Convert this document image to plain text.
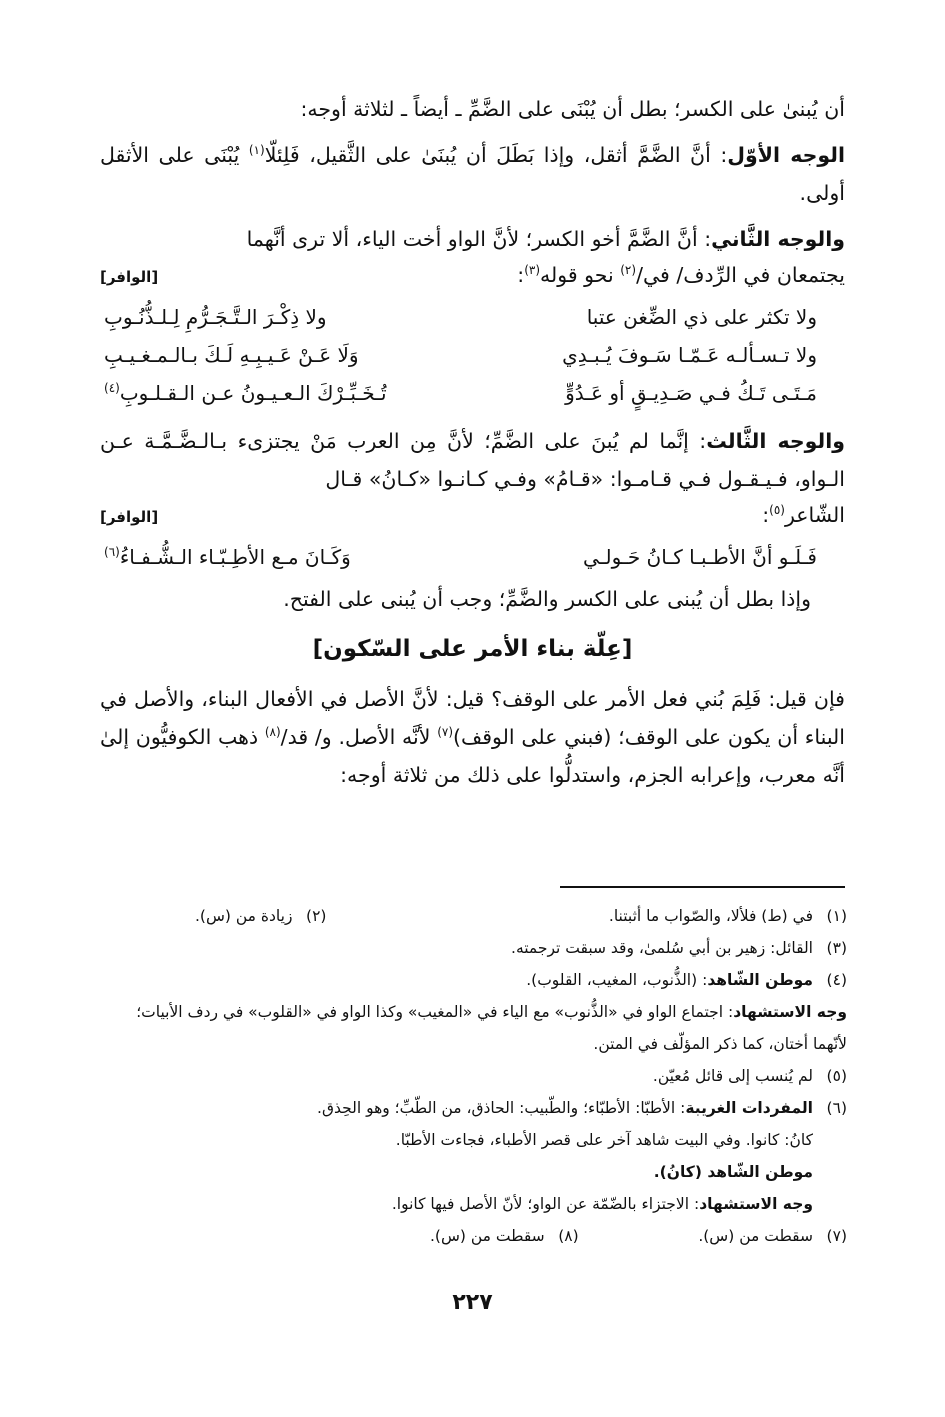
أن يُبنىٰ على الكسر؛ بطل أن يُبْنَى على الضَّمِّ ـ أيضاً ـ لثلاثة أوجه:

الوجه الأوّل: أنَّ الضَّمَّ أثقل، وإذا بَطَلَ أن يُبنَىٰ على الثَّقيل، فَلِئلّا$^{(١)}$ يُبْنَى على الأثقل أولى.

والوجه الثَّاني: أنَّ الضَّمَّ أخو الكسر؛ لأنَّ الواو أخت الياء، ألا ترى أنَّهما

يجتمعان في الرِّدف/ في/$^{(٢)}$ نحو قوله$^{(٣)}$:
[الوافر]
ولا تكثر على ذي الضِّغن عتبا
ولا ذِكْـرَ الـتَّـجَـرُّمِ لِـلـذُّنُـوبِ
ولا تـسـألـه عَـمّـا سَـوفَ يُـبـدِي
وَلَا عَـنْ عَـيـبِـهِ لَـكَ بـالـمـغـيـبِ
مَـتَـى تَـكُ فـي صَـدِيـقٍ أو عَـدُوٍّ
تُـخَـبِّـرْكَ الـعـيـونُ عـن الـقـلـوبِ(٤)

والوجه الثَّالث: إنَّما لم يُبنَ على الضَّمِّ؛ لأنَّ مِن العرب مَنْ يجتزىء بـالـضَّـمَّـة عـن الـواو، فـيـقـول فـي قـامـوا: «قـامُ» وفـي كـانـوا «كـانُ» قـال

الشّاعر$^{(٥)}$:
[الوافر]
فَـلَـو أنَّ الأطـبـا كـانُ حَـولـي
وَكَـانَ مـع الأطِـبّـاء الـشُّـفـاءُ(٦)

وإذا بطل أن يُبنى على الكسر والضَّمِّ؛ وجب أن يُبنى على الفتح.

[عِلّة بناء الأمر على السّكون]

فإن قيل: فَلِمَ بُني فعل الأمر على الوقف؟ قيل: لأنَّ الأصل في الأفعال البناء، والأصل في البناء أن يكون على الوقف؛ (فبني على الوقف)$^{(٧)}$ لأنَّه الأصل. و/ قد/$^{(٨)}$ ذهب الكوفيُّون إلىٰ أنَّه معرب، وإعرابه الجزم، واستدلُّوا على ذلك من ثلاثة أوجه:

(١)
في (ط) فلألا، والصّواب ما أثبتنا.
(٢)
زيادة من (س).
(٣)
القائل: زهير بن أبي سُلمىٰ، وقد سبقت ترجمته.
(٤)
موطن الشّاهد: (الذُّنوب، المغيب، القلوب).
وجه الاستشهاد: اجتماع الواو في «الذُّنوب» مع الياء في «المغيب» وكذا الواو في «القلوب» في ردف الأبيات؛ لأنّهما أختان، كما ذكر المؤلّف في المتن.
(٥)
لم يُنسب إلى قائل مُعيّن.
(٦)
المفردات الغريبة: الأطبّا: الأطبّاء؛ والطّبيب: الحاذق، من الطّبِّ؛ وهو الحِذق.
كانُ: كانوا. وفي البيت شاهد آخر على قصر الأطباء، فجاءت الأطبّا.
موطن الشّاهد (كانُ).
وجه الاستشهاد: الاجتزاء بالضّمّة عن الواو؛ لأنّ الأصل فيها كانوا.
(٧)
سقطت من (س).
(٨)
سقطت من (س).
٢٢٧
